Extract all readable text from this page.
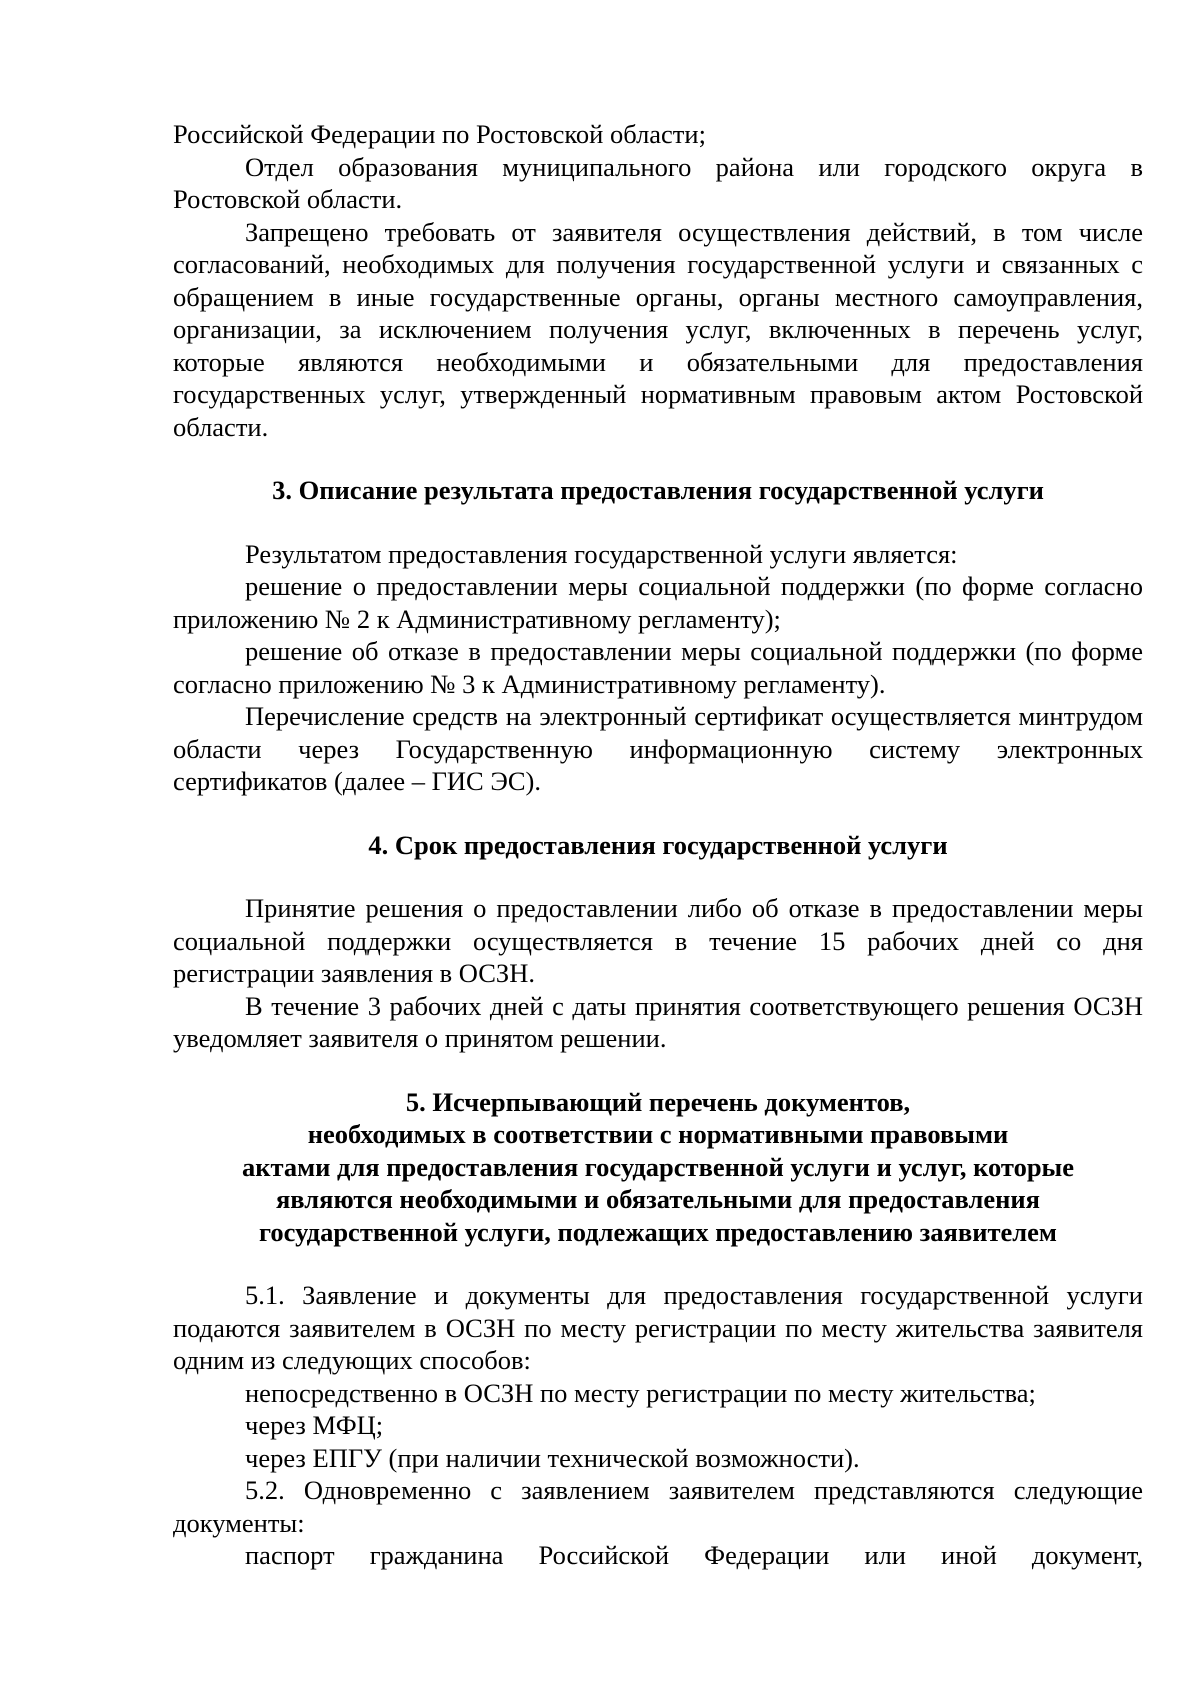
Российской Федерации по Ростовской области;

Отдел образования муниципального района или городского округа в Ростовской области.

Запрещено требовать от заявителя осуществления действий, в том числе согласований, необходимых для получения государственной услуги и связанных с обращением в иные государственные органы, органы местного самоуправления, организации, за исключением получения услуг, включенных в перечень услуг, которые являются необходимыми и обязательными для предоставления государственных услуг, утвержденный нормативным правовым актом Ростовской области.

3. Описание результата предоставления государственной услуги

Результатом предоставления государственной услуги является:

решение о предоставлении меры социальной поддержки (по форме согласно приложению № 2 к Административному регламенту);

решение об отказе в предоставлении меры социальной поддержки (по форме согласно приложению № 3 к Административному регламенту).

Перечисление средств на электронный сертификат осуществляется минтрудом области через Государственную информационную систему электронных сертификатов (далее – ГИС ЭС).

4. Срок предоставления государственной услуги

Принятие решения о предоставлении либо об отказе в предоставлении меры социальной поддержки осуществляется в течение 15 рабочих дней со дня регистрации заявления в ОСЗН.

В течение 3 рабочих дней с даты принятия соответствующего решения ОСЗН уведомляет заявителя о принятом решении.

5. Исчерпывающий перечень документов,
необходимых в соответствии с нормативными правовыми
актами для предоставления государственной услуги и услуг, которые
являются необходимыми и обязательными для предоставления
государственной услуги, подлежащих предоставлению заявителем

5.1. Заявление и документы для предоставления государственной услуги подаются заявителем в ОСЗН по месту регистрации по месту жительства заявителя одним из следующих способов:

непосредственно в ОСЗН по месту регистрации по месту жительства;

через МФЦ;

через ЕПГУ (при наличии технической возможности).

5.2. Одновременно с заявлением заявителем представляются следующие документы:

паспорт гражданина Российской Федерации или иной документ,
